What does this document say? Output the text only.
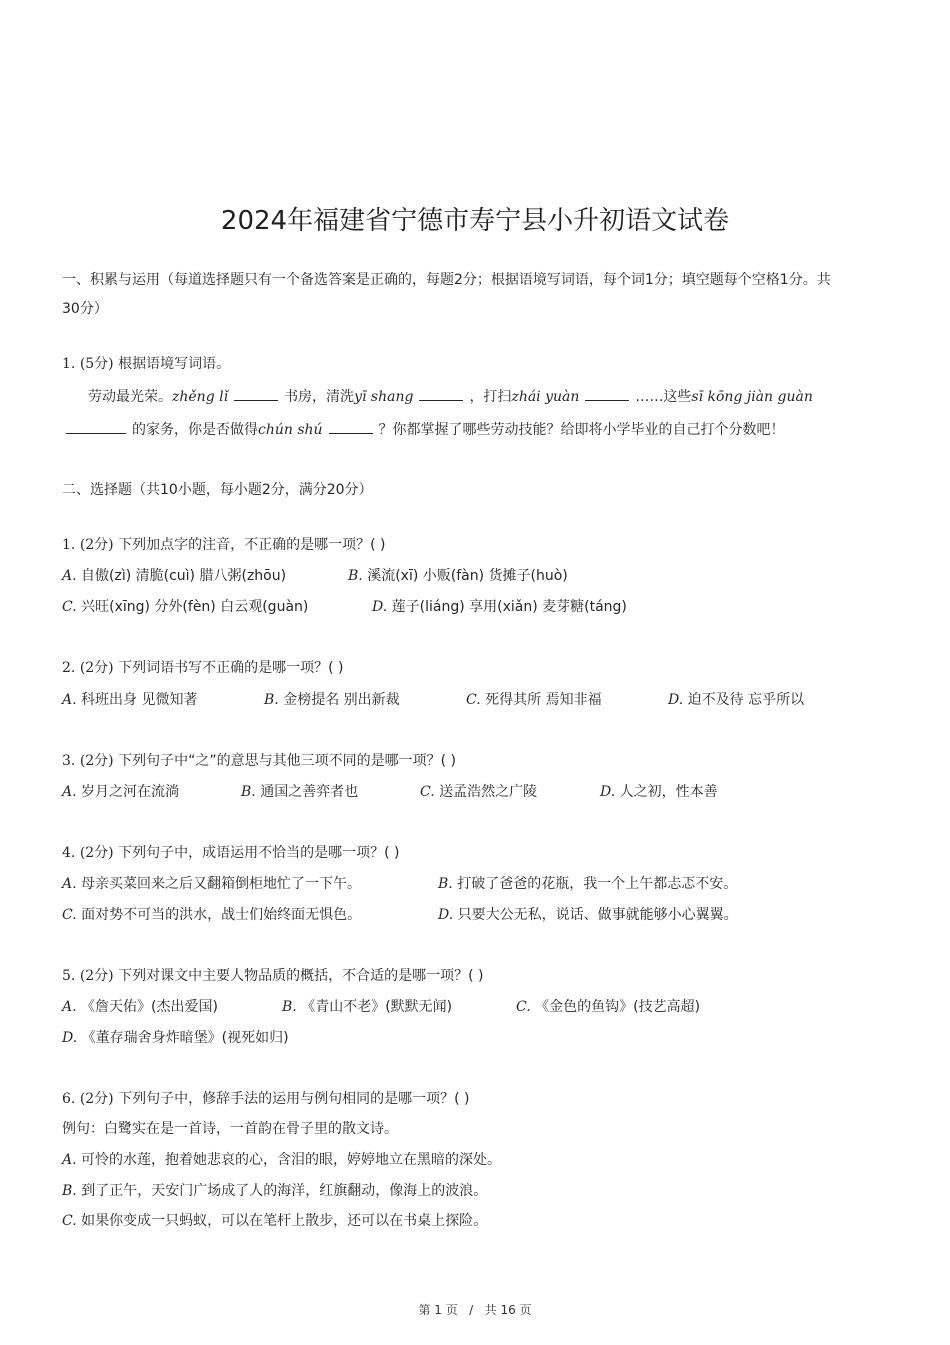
2024年福建省宁德市寿宁县小升初语文试卷
一、积累与运用（每道选择题只有一个备选答案是正确的，每题2分；根据语境写词语，每个词1分；填空题每个空格1分。共
30分）
1. (5分) 根据语境写词语。
劳动最光荣。zhěng lǐ	书房，清洗yī shang	，打扫zhái yuàn	……这些sī kōng jiàn guàn
的家务，你是否做得chún shú	？你都掌握了哪些劳动技能？给即将小学毕业的自己打个分数吧！
二、选择题（共10小题，每小题2分，满分20分）
1. (2分) 下列加点字的注音，不正确的是哪一项？( )
A. 自傲(zì) 清脆(cuì) 腊八粥(zhōu)	B. 溪流(xī) 小贩(fàn) 货摊子(huò)
C. 兴旺(xīng) 分外(fèn) 白云观(guàn)	D. 莲子(liáng) 享用(xiǎn) 麦芽糖(táng)
2. (2分) 下列词语书写不正确的是哪一项？( )
A. 科班出身 见微知著	B. 金榜提名 别出新裁	C. 死得其所 焉知非福	D. 迫不及待 忘乎所以
3. (2分) 下列句子中“之”的意思与其他三项不同的是哪一项？( )
A. 岁月之河在流淌	B. 通国之善弈者也	C. 送孟浩然之广陵	D. 人之初，性本善
4. (2分) 下列句子中，成语运用不恰当的是哪一项？( )
A. 母亲买菜回来之后又翻箱倒柜地忙了一下午。	B. 打破了爸爸的花瓶，我一个上午都忐忑不安。
C. 面对势不可当的洪水，战士们始终面无惧色。	D. 只要大公无私，说话、做事就能够小心翼翼。
5. (2分) 下列对课文中主要人物品质的概括，不合适的是哪一项？( )
A. 《詹天佑》(杰出爱国)	B. 《青山不老》(默默无闻)	C. 《金色的鱼钩》(技艺高超)
D. 《董存瑞舍身炸暗堡》(视死如归)
6. (2分) 下列句子中，修辞手法的运用与例句相同的是哪一项？( )
例句：白鹭实在是一首诗，一首韵在骨子里的散文诗。
A. 可怜的水莲，抱着她悲哀的心，含泪的眼，婷婷地立在黑暗的深处。
B. 到了正午，天安门广场成了人的海洋，红旗翻动，像海上的波浪。
C. 如果你变成一只蚂蚁，可以在笔杆上散步，还可以在书桌上探险。
第 1 页 / 共 16 页
